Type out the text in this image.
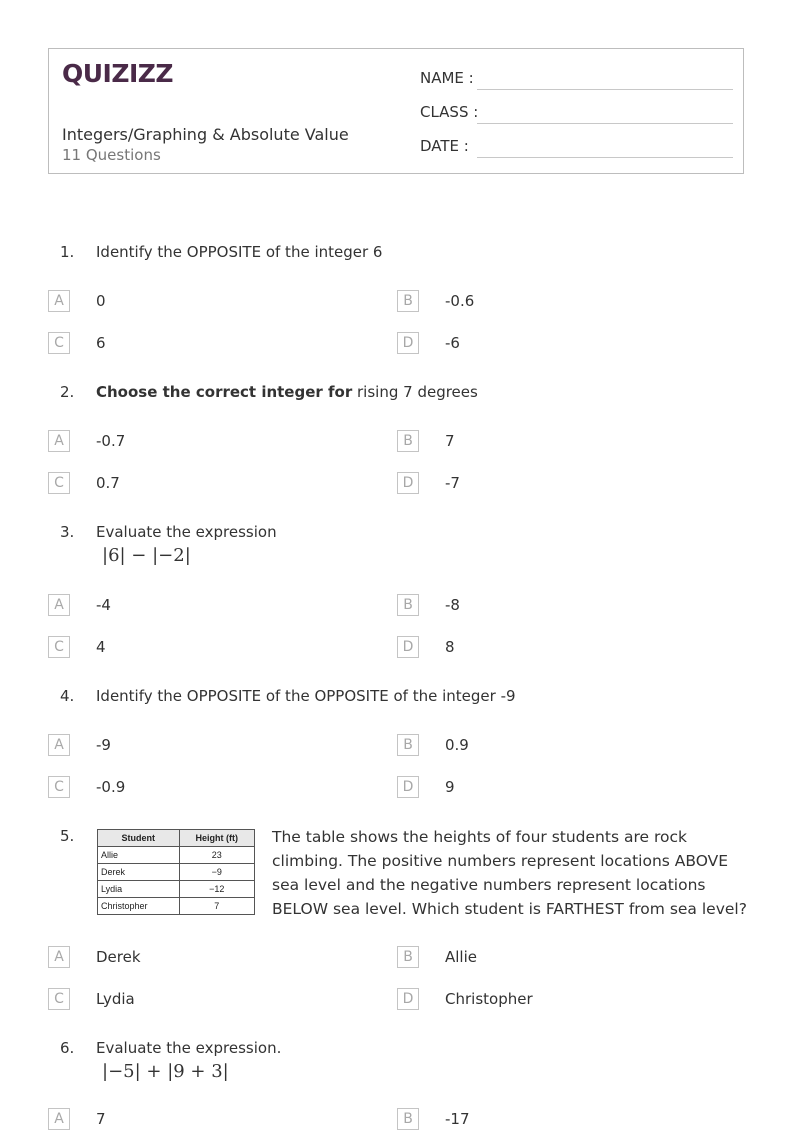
QUIZIZZ
Integers/Graphing & Absolute Value
11 Questions
NAME :
CLASS :
DATE :
1. Identify the OPPOSITE of the integer 6
A	0	B	-0.6
C	6	D	-6
2. Choose the correct integer for rising 7 degrees
A	-0.7	B	7
C	0.7	D	-7
3. Evaluate the expression
|6| − |−2|
A	-4	B	-8
C	4	D	8
4. Identify the OPPOSITE of the OPPOSITE of the integer -9
A	-9	B	0.9
C	-0.9	D	9
5.	Student	Height (ft)
Allie	23
Derek	−9
Lydia	−12
Christopher	7
The table shows the heights of four students are rock climbing. The positive numbers represent locations ABOVE sea level and the negative numbers represent locations BELOW sea level. Which student is FARTHEST from sea level?
A	Derek	B	Allie
C	Lydia	D	Christopher
6. Evaluate the expression.
|−5| + |9 + 3|
A	7	B	-17
